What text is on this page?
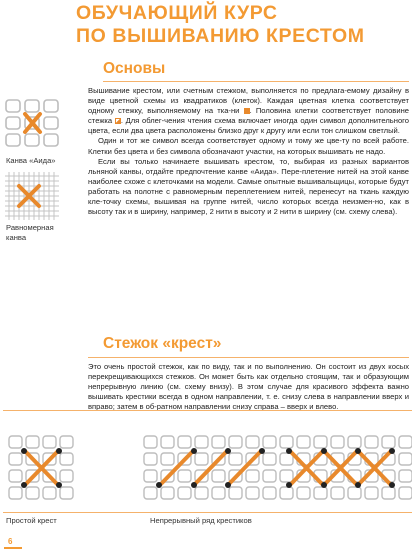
ОБУЧАЮЩИЙ КУРС
ПО ВЫШИВАНИЮ КРЕСТОМ
Основы

Вышивание крестом, или счетным стежком, выполняется по предлага-емому дизайну в виде цветной схемы из квадратиков (клеток). Каждая цветная клетка соответствует одному стежку, выполняемому на тка-ни . Половина клетки соответствует половине стежка . Для облег-чения чтения схема включает иногда один символ дополнительного цвета, если два цвета расположены близко друг к другу или если тон слишком светлый.

Один и тот же символ всегда соответствует одному и тому же цве-ту по всей работе. Клетки без цвета и без символа обозначают участки, на которых вышивать не надо.

Если вы только начинаете вышивать крестом, то, выбирая из разных вариантов льняной канвы, отдайте предпочтение канве «Аида». Пере-плетение нитей на этой канве наиболее схоже с клеточками на модели. Самые опытные вышивальщицы, которые будут работать на полотне с равномерным переплетением нитей, перенесут на ткань каждую кле-точку схемы, вышивая на группе нитей, число которых всегда неизмен-но, как в высоту так и в ширину, например, 2 нити в высоту и 2 нити в ширину (см. схему слева).

Канва «Аида»
Равномерная канва
Стежок «крест»

Это очень простой стежок, как по виду, так и по выполнению. Он состоит из двух косых перекрещивающихся стежков. Он может быть как отдельно стоящим, так и образующим непрерывную линию (см. схему внизу). В этом случае для красивого эффекта важно вышивать крестики всегда в одном направлении, т. е. снизу слева в направлении вверх и вправо; затем в об-ратном направлении снизу справа – вверх и влево.

Простой крест	Непрерывный ряд крестиков
6
